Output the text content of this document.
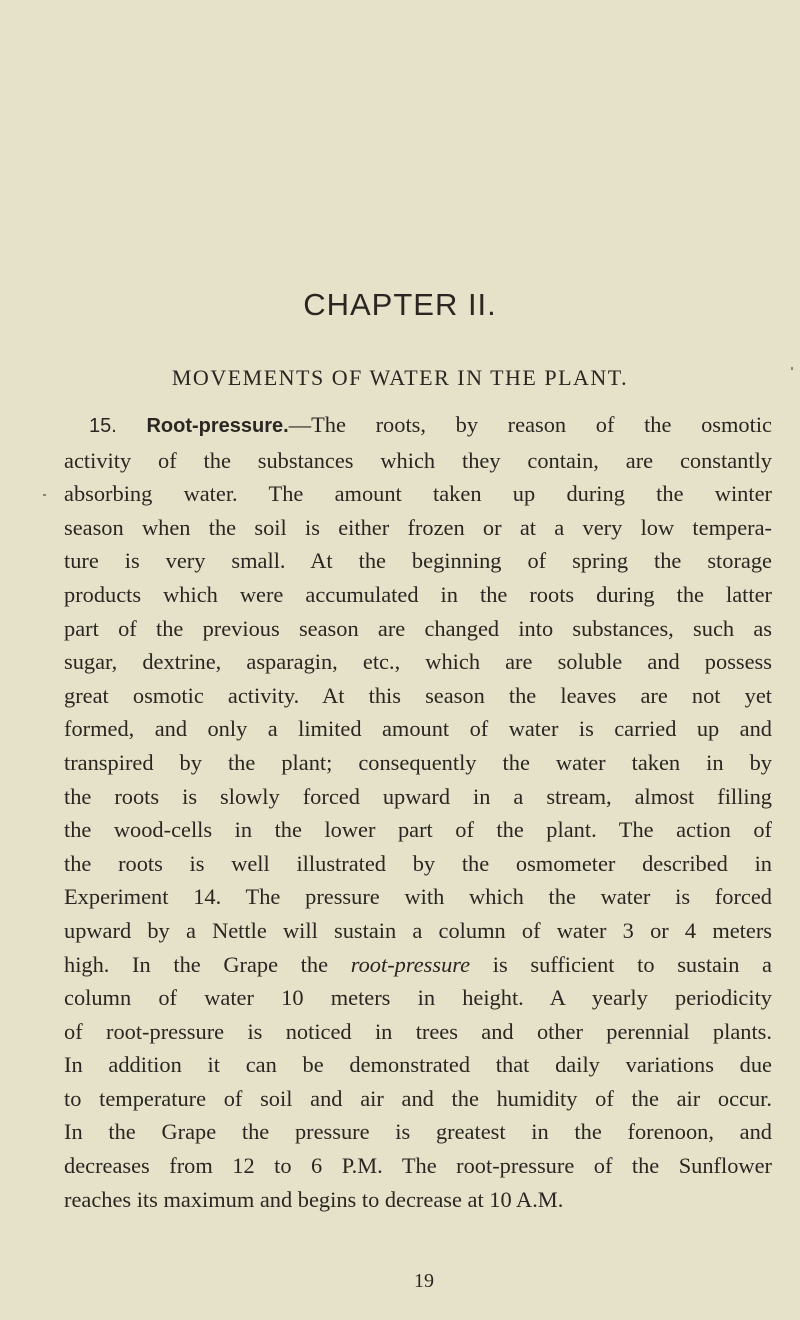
CHAPTER II.
MOVEMENTS OF WATER IN THE PLANT.

15. Root-pressure.—The roots, by reason of the osmotic
activity of the substances which they contain, are constantly
absorbing water. The amount taken up during the winter
season when the soil is either frozen or at a very low tempera-
ture is very small. At the beginning of spring the storage
products which were accumulated in the roots during the latter
part of the previous season are changed into substances, such as
sugar, dextrine, asparagin, etc., which are soluble and possess
great osmotic activity. At this season the leaves are not yet
formed, and only a limited amount of water is carried up and
transpired by the plant; consequently the water taken in by
the roots is slowly forced upward in a stream, almost filling
the wood-cells in the lower part of the plant. The action of
the roots is well illustrated by the osmometer described in
Experiment 14. The pressure with which the water is forced
upward by a Nettle will sustain a column of water 3 or 4 meters
high. In the Grape the root-pressure is sufficient to sustain a
column of water 10 meters in height. A yearly periodicity
of root-pressure is noticed in trees and other perennial plants.
In addition it can be demonstrated that daily variations due
to temperature of soil and air and the humidity of the air occur.
In the Grape the pressure is greatest in the forenoon, and
decreases from 12 to 6 P.M. The root-pressure of the Sunflower
reaches its maximum and begins to decrease at 10 A.M.

19
